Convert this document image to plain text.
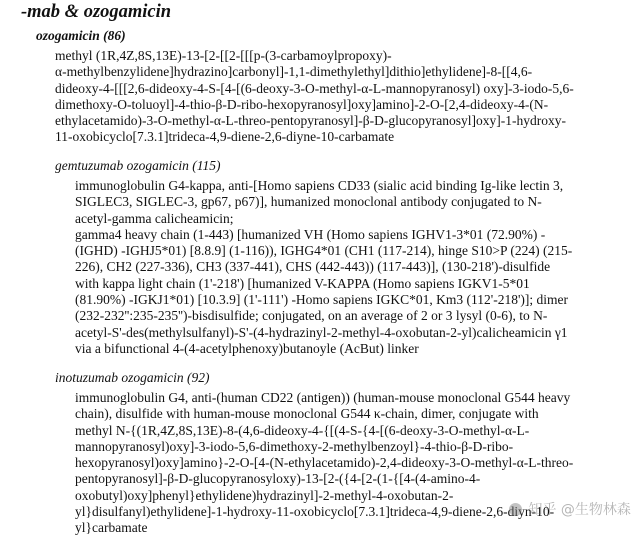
-mab & ozogamicin
ozogamicin (86)
methyl (1R,4Z,8S,13E)-13-[2-[[2-[[[p-(3-carbamoylpropoxy)-
α-methylbenzylidene]hydrazino]carbonyl]-1,1-dimethylethyl]dithio]ethylidene]-8-[[4,6-
dideoxy-4-[[[2,6-dideoxy-4-S-[4-[(6-deoxy-3-O-methyl-α-L-mannopyranosyl) oxy]-3-iodo-5,6-
dimethoxy-O-toluoyl]-4-thio-β-D-ribo-hexopyranosyl]oxy]amino]-2-O-[2,4-dideoxy-4-(N-
ethylacetamido)-3-O-methyl-α-L-threo-pentopyranosyl]-β-D-glucopyranosyl]oxy]-1-hydroxy-
11-oxobicyclo[7.3.1]trideca-4,9-diene-2,6-diyne-10-carbamate
gemtuzumab ozogamicin (115)
immunoglobulin G4-kappa, anti-[Homo sapiens CD33 (sialic acid binding Ig-like lectin 3,
SIGLEC3, SIGLEC-3, gp67, p67)], humanized monoclonal antibody conjugated to N-
acetyl-gamma calicheamicin;
gamma4 heavy chain (1-443) [humanized VH (Homo sapiens IGHV1-3*01 (72.90%) -
(IGHD) -IGHJ5*01) [8.8.9] (1-116)), IGHG4*01 (CH1 (117-214), hinge S10>P (224) (215-
226), CH2 (227-336), CH3 (337-441), CHS (442-443)) (117-443)], (130-218')-disulfide
with kappa light chain (1'-218') [humanized V-KAPPA (Homo sapiens IGKV1-5*01
(81.90%) -IGKJ1*01) [10.3.9] (1'-111') -Homo sapiens IGKC*01, Km3 (112'-218')]; dimer
(232-232'':235-235'')-bisdisulfide; conjugated, on an average of 2 or 3 lysyl (0-6), to N-
acetyl-S'-des(methylsulfanyl)-S'-(4-hydrazinyl-2-methyl-4-oxobutan-2-yl)calicheamicin γ1
via a bifunctional 4-(4-acetylphenoxy)butanoyle (AcBut) linker
inotuzumab ozogamicin (92)
immunoglobulin G4, anti-(human CD22 (antigen)) (human-mouse monoclonal G544 heavy
chain), disulfide with human-mouse monoclonal G544 κ-chain, dimer, conjugate with
methyl N-{(1R,4Z,8S,13E)-8-(4,6-dideoxy-4-{[(4-S-{4-[(6-deoxy-3-O-methyl-α-L-
mannopyranosyl)oxy]-3-iodo-5,6-dimethoxy-2-methylbenzoyl}-4-thio-β-D-ribo-
hexopyranosyl)oxy]amino}-2-O-[4-(N-ethylacetamido)-2,4-dideoxy-3-O-methyl-α-L-threo-
pentopyranosyl]-β-D-glucopyranosyloxy)-13-[2-({4-[2-(1-{[4-(4-amino-4-
oxobutyl)oxy]phenyl}ethylidene)hydrazinyl]-2-methyl-4-oxobutan-2-
yl}disulfanyl)ethylidene]-1-hydroxy-11-oxobicyclo[7.3.1]trideca-4,9-diene-2,6-diyn-10-
yl}carbamate
知乎 @生物林森
